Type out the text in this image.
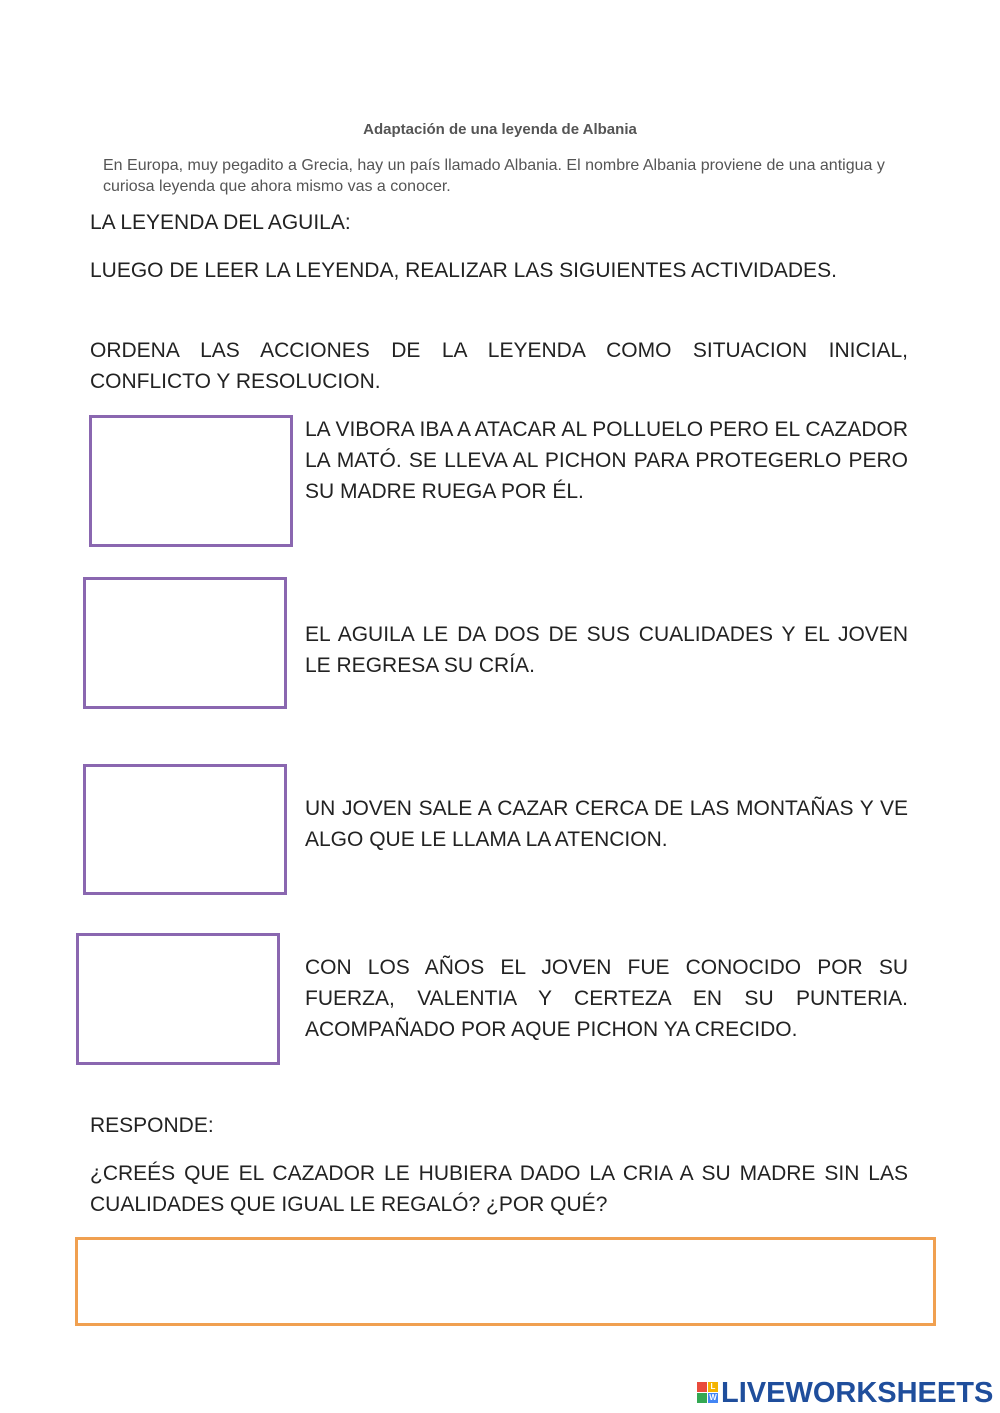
Adaptación de una leyenda de Albania
En Europa, muy pegadito a Grecia, hay un país llamado Albania. El nombre Albania proviene de una antigua y curiosa leyenda que ahora mismo vas a conocer.
LA LEYENDA DEL AGUILA:
LUEGO DE LEER LA LEYENDA, REALIZAR LAS SIGUIENTES ACTIVIDADES.
ORDENA LAS ACCIONES DE LA LEYENDA COMO SITUACION INICIAL, CONFLICTO Y RESOLUCION.
LA VIBORA IBA A ATACAR AL POLLUELO PERO EL CAZADOR LA MATÓ. SE LLEVA AL PICHON PARA PROTEGERLO PERO SU MADRE RUEGA POR ÉL.
EL AGUILA LE DA DOS DE SUS CUALIDADES Y EL JOVEN LE REGRESA SU CRÍA.
UN JOVEN SALE A CAZAR CERCA DE LAS MONTAÑAS Y VE ALGO QUE LE LLAMA LA ATENCION.
CON LOS AÑOS EL JOVEN FUE CONOCIDO POR SU FUERZA, VALENTIA Y CERTEZA EN SU PUNTERIA. ACOMPAÑADO POR AQUE PICHON YA CRECIDO.
RESPONDE:
¿CREÉS QUE EL CAZADOR LE HUBIERA DADO LA CRIA A SU MADRE SIN LAS CUALIDADES QUE IGUAL LE REGALÓ? ¿POR QUÉ?
L
W LIVEWORKSHEETS
